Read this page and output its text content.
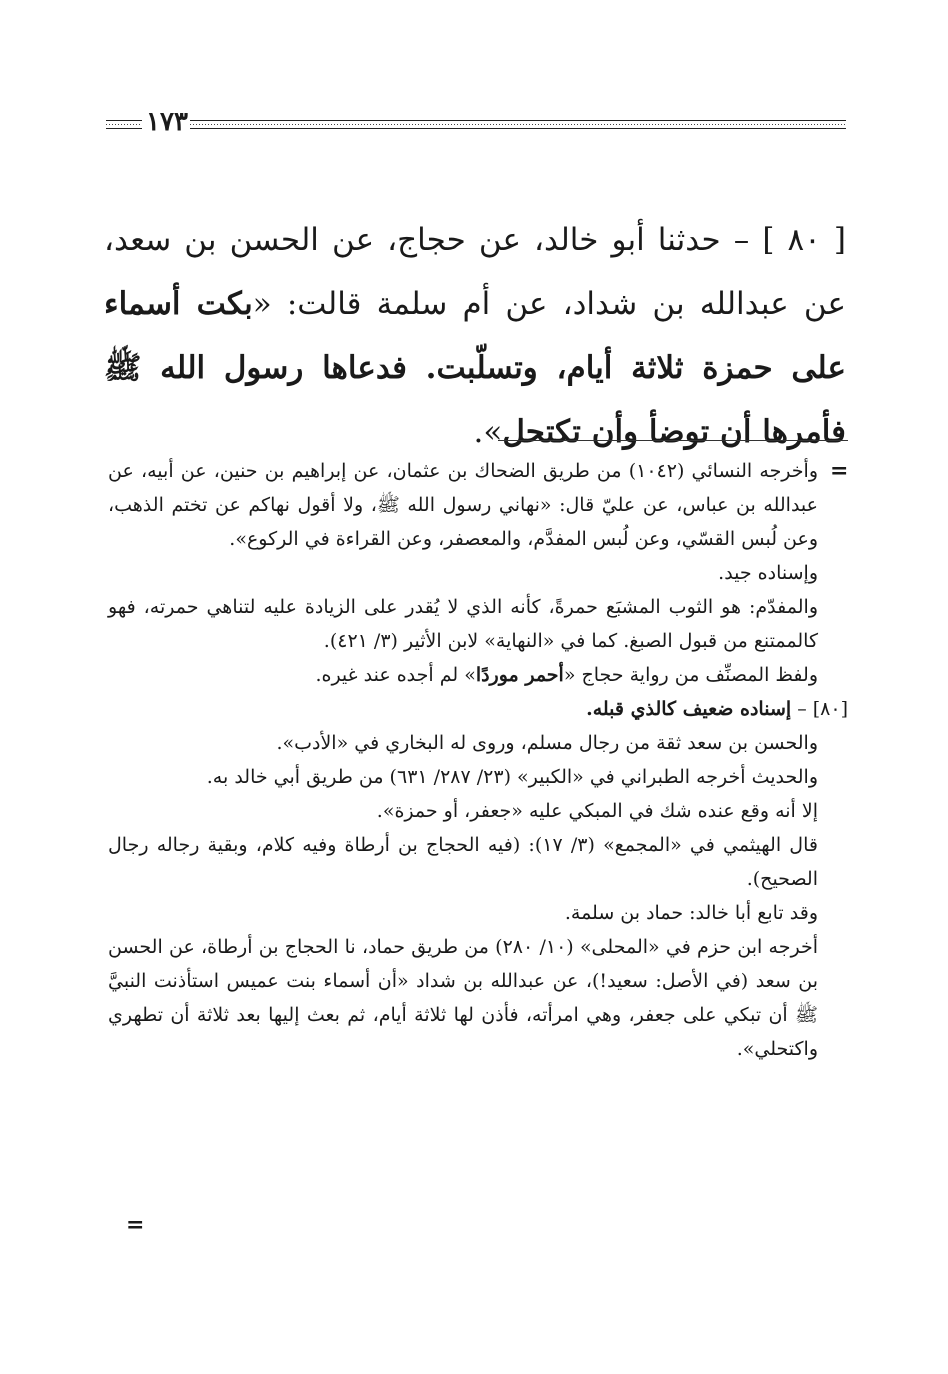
١٧٣

[ ٨٠ ] – حدثنا أبو خالد، عن حجاج، عن الحسن بن سعد، عن عبدالله بن شداد، عن أم سلمة قالت: «بكت أسماء على حمزة ثلاثة أيام، وتسلّبت. فدعاها رسول الله ﷺ فأمرها أن توضأ وأن تكتحل».

=

وأخرجه النسائي (١٠٤٢) من طريق الضحاك بن عثمان، عن إبراهيم بن حنين، عن أبيه، عن عبدالله بن عباس، عن عليّ قال: «نهاني رسول الله ﷺ، ولا أقول نهاكم عن تختم الذهب، وعن لُبس القسّي، وعن لُبس المفدَّم، والمعصفر، وعن القراءة في الركوع».

وإسناده جيد.

والمفدّم: هو الثوب المشبَع حمرةً، كأنه الذي لا يُقدر على الزيادة عليه لتناهي حمرته، فهو كالممتنع من قبول الصبغ. كما في «النهاية» لابن الأثير (٣/ ٤٢١).

ولفظ المصنِّف من رواية حجاج «أحمر موردًا» لم أجده عند غيره.

[٨٠] – إسناده ضعيف كالذي قبله.

والحسن بن سعد ثقة من رجال مسلم، وروى له البخاري في «الأدب».

والحديث أخرجه الطبراني في «الكبير» (٢٣/ ٢٨٧/ ٦٣١) من طريق أبي خالد به.

إلا أنه وقع عنده شك في المبكي عليه «جعفر، أو حمزة».

قال الهيثمي في «المجمع» (٣/ ١٧): (فيه الحجاج بن أرطاة وفيه كلام، وبقية رجاله رجال الصحيح).

وقد تابع أبا خالد: حماد بن سلمة.

أخرجه ابن حزم في «المحلى» (١٠/ ٢٨٠) من طريق حماد، نا الحجاج بن أرطاة، عن الحسن بن سعد (في الأصل: سعيد!)، عن عبدالله بن شداد «أن أسماء بنت عميس استأذنت النبيَّ ﷺ أن تبكي على جعفر، وهي امرأته، فأذن لها ثلاثة أيام، ثم بعث إليها بعد ثلاثة أن تطهري واكتحلي».

=
